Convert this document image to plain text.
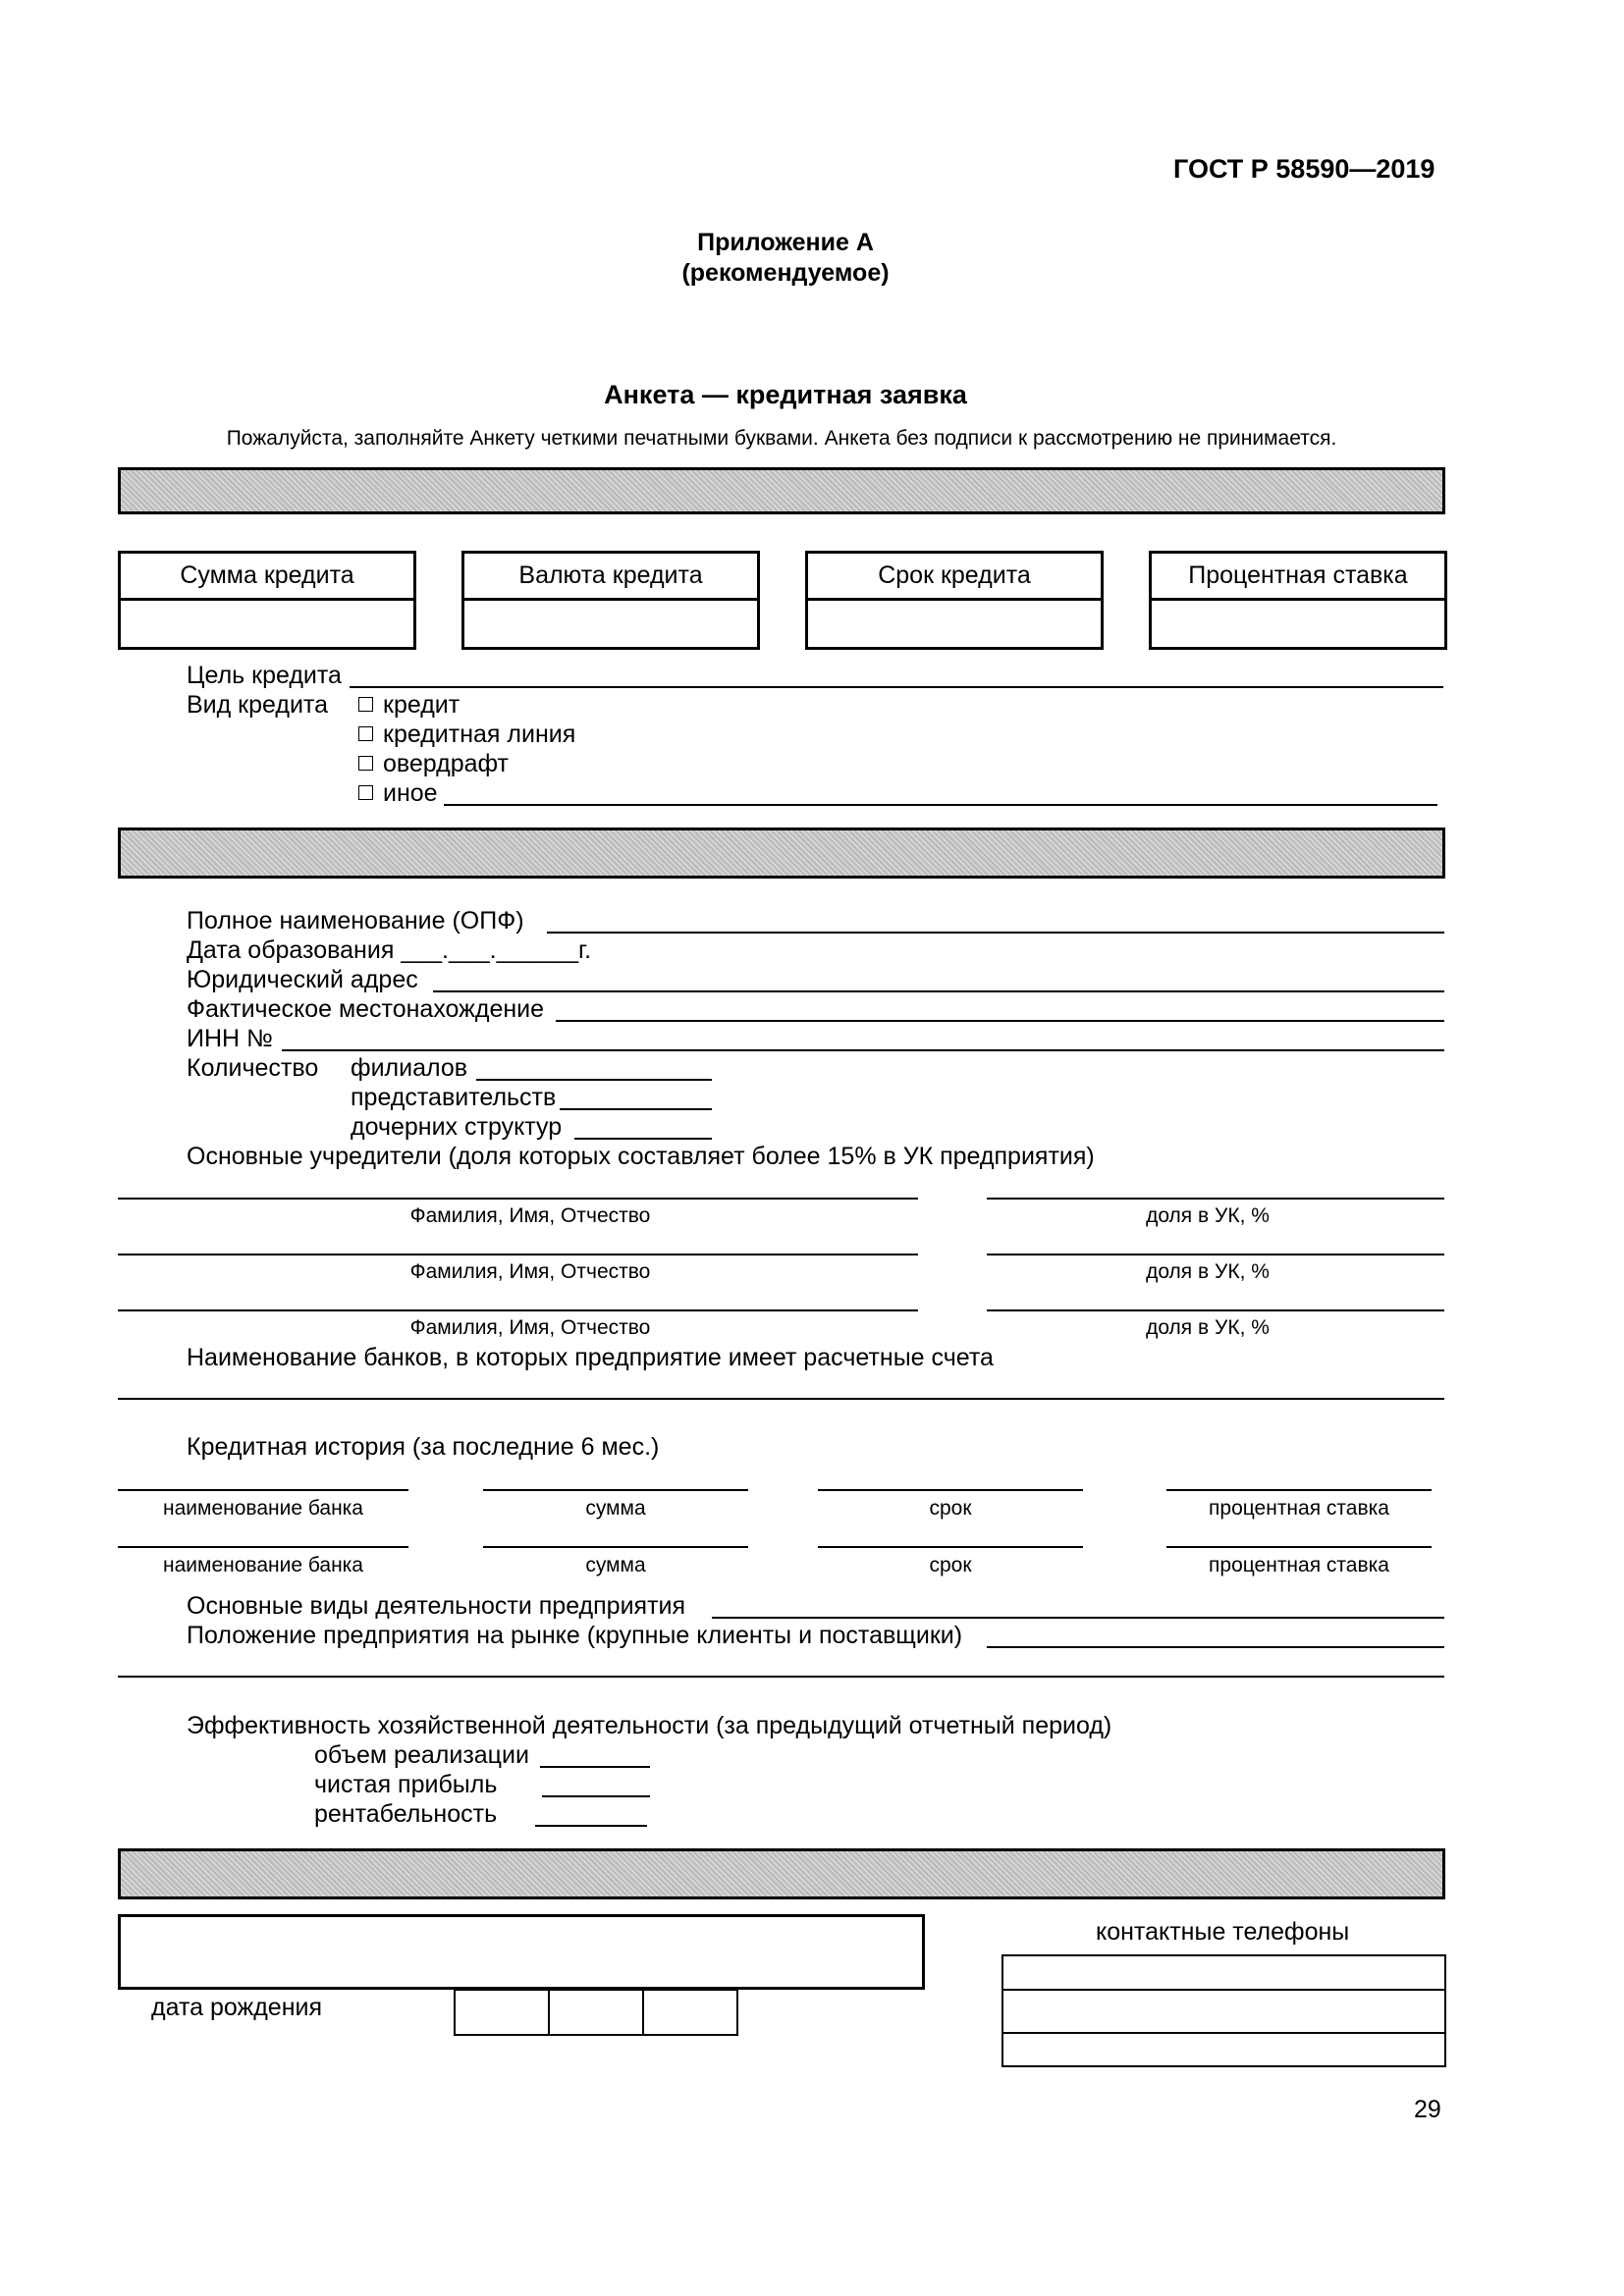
ГОСТ Р 58590—2019
Приложение А
(рекомендуемое)
Анкета — кредитная заявка
Пожалуйста, заполняйте Анкету четкими печатными буквами. Анкета без подписи к рассмотрению не принимается.
Сумма кредита	Валюта кредита	Срок кредита	Процентная ставка
Цель кредита
Вид кредита	кредит
кредитная линия
овердрафт
иное
Полное наименование (ОПФ)
Дата образования ___.___.______г.
Юридический адрес
Фактическое местонахождение
ИНН №
Количество филиалов
представительств
дочерних структур
Основные учредители (доля которых составляет более 15% в УК предприятия)
Фамилия, Имя, Отчество	доля в УК, %
Фамилия, Имя, Отчество	доля в УК, %
Фамилия, Имя, Отчество	доля в УК, %
Наименование банков, в которых предприятие имеет расчетные счета
Кредитная история (за последние 6 мес.)
наименование банка	сумма	срок	процентная ставка
наименование банка	сумма	срок	процентная ставка
Основные виды деятельности предприятия
Положение предприятия на рынке (крупные клиенты и поставщики)
Эффективность хозяйственной деятельности (за предыдущий отчетный период)
объем реализации
чистая прибыль
рентабельность
контактные телефоны
дата рождения
29
